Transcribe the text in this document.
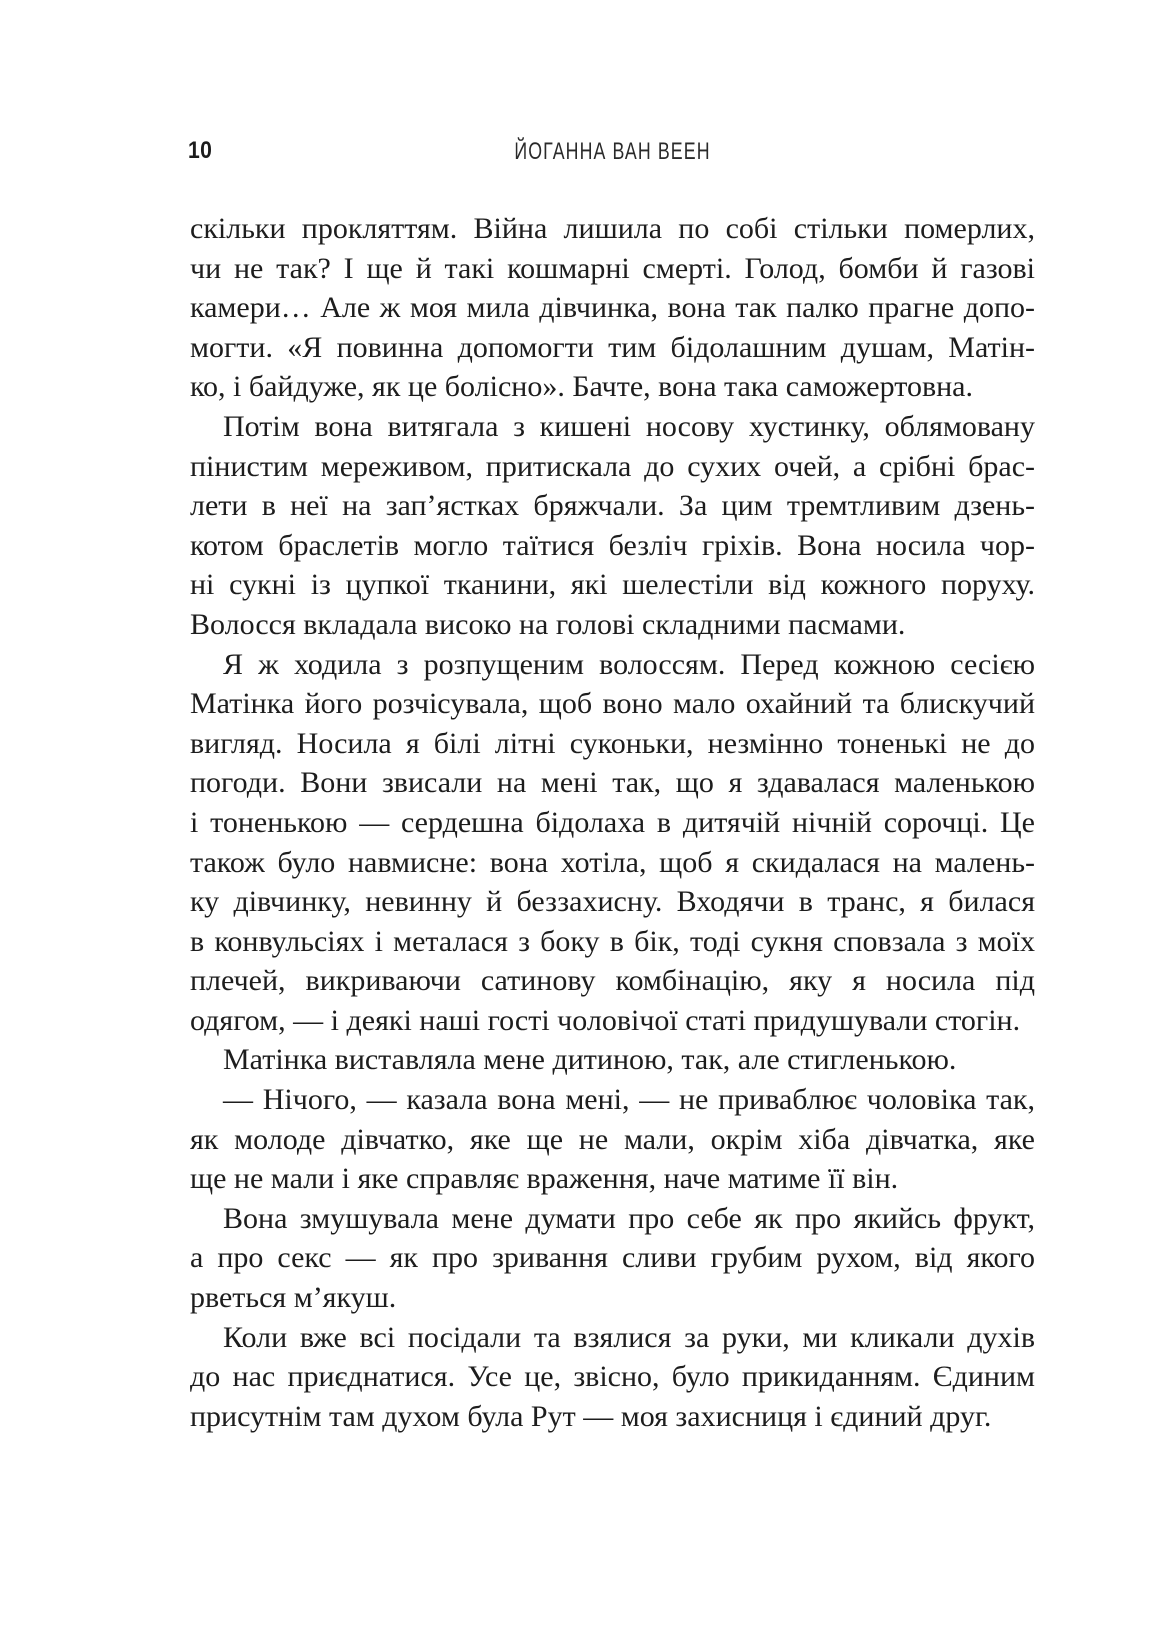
10	ЙОГАННА ВАН ВЕЕН
скільки прокляттям. Війна лишила по собі стільки померлих,
чи не так? І ще й такі кошмарні смерті. Голод, бомби й газові
камери… Але ж моя мила дівчинка, вона так палко прагне допо-
могти. «Я повинна допомогти тим бідолашним душам, Матін-
ко, і байдуже, як це болісно». Бачте, вона така саможертовна.
Потім вона витягала з кишені носову хустинку, облямовану
пінистим мереживом, притискала до сухих очей, а срібні брас-
лети в неї на зап’ястках бряжчали. За цим тремтливим дзень-
котом браслетів могло таїтися безліч гріхів. Вона носила чор-
ні сукні із цупкої тканини, які шелестіли від кожного поруху.
Волосся вкладала високо на голові складними пасмами.
Я ж ходила з розпущеним волоссям. Перед кожною сесією
Матінка його розчісувала, щоб воно мало охайний та блискучий
вигляд. Носила я білі літні суконьки, незмінно тоненькі не до
погоди. Вони звисали на мені так, що я здавалася маленькою
і тоненькою — сердешна бідолаха в дитячій нічній сорочці. Це
також було навмисне: вона хотіла, щоб я скидалася на малень-
ку дівчинку, невинну й беззахисну. Входячи в транс, я билася
в конвульсіях і металася з боку в бік, тоді сукня сповзала з моїх
плечей, викриваючи сатинову комбінацію, яку я носила під
одягом, — і деякі наші гості чоловічої статі придушували стогін.
Матінка виставляла мене дитиною, так, але стигленькою.
— Нічого, — казала вона мені, — не приваблює чоловіка так,
як молоде дівчатко, яке ще не мали, окрім хіба дівчатка, яке
ще не мали і яке справляє враження, наче матиме її він.
Вона змушувала мене думати про себе як про якийсь фрукт,
а про секс — як про зривання сливи грубим рухом, від якого
рветься м’якуш.
Коли вже всі посідали та взялися за руки, ми кликали духів
до нас приєднатися. Усе це, звісно, було прикиданням. Єдиним
присутнім там духом була Рут — моя захисниця і єдиний друг.
